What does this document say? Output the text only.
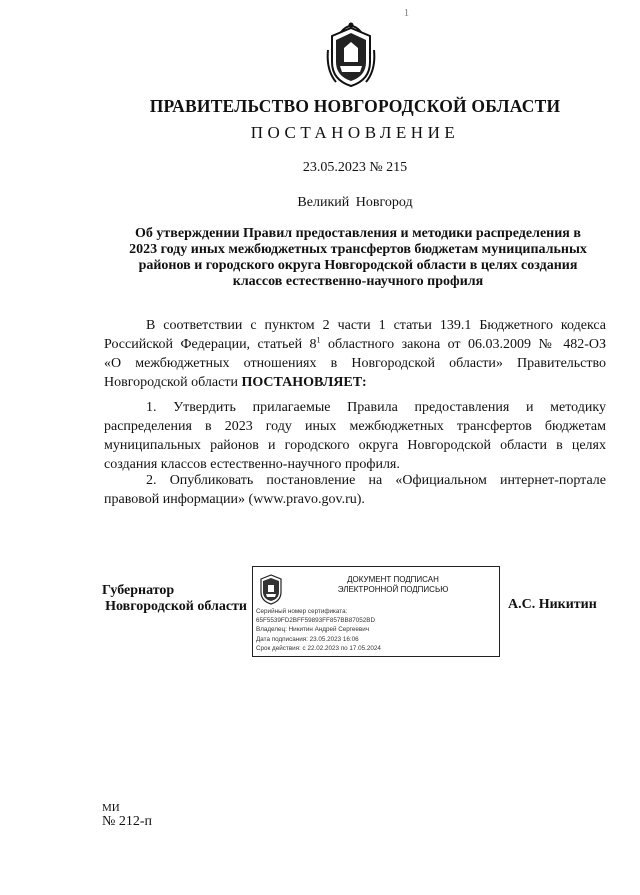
1
ПРАВИТЕЛЬСТВО НОВГОРОДСКОЙ ОБЛАСТИ
ПОСТАНОВЛЕНИЕ
23.05.2023 № 215
Великий Новгород
Об утверждении Правил предоставления и методики распределения в
2023 году иных межбюджетных трансфертов бюджетам муниципальных
районов и городского округа Новгородской области в целях создания
классов естественно-научного профиля
В соответствии с пунктом 2 части 1 статьи 139.1 Бюджетного кодекса
Российской Федерации, статьей $8^1$ областного закона от 06.03.2009 № 482-ОЗ
«О межбюджетных отношениях в Новгородской области» Правительство
Новгородской области ПОСТАНОВЛЯЕТ:
1. Утвердить прилагаемые Правила предоставления и методику
распределения в 2023 году иных межбюджетных трансфертов бюджетам
муниципальных районов и городского округа Новгородской области в целях
создания классов естественно-научного профиля.
2. Опубликовать постановление на «Официальном интернет-портале
правовой информации» (www.pravo.gov.ru).
Губернатор
Новгородской области
ДОКУМЕНТ ПОДПИСАН
ЭЛЕКТРОННОЙ ПОДПИСЬЮ
Серийный номер сертификата:
65F5539FD2BFF59893FF857BB87052BD
Владелец: Никитин Андрей Сергеевич
Дата подписания: 23.05.2023 16:06
Срок действия: с 22.02.2023 по 17.05.2024
А.С. Никитин
МИ
№ 212-п
